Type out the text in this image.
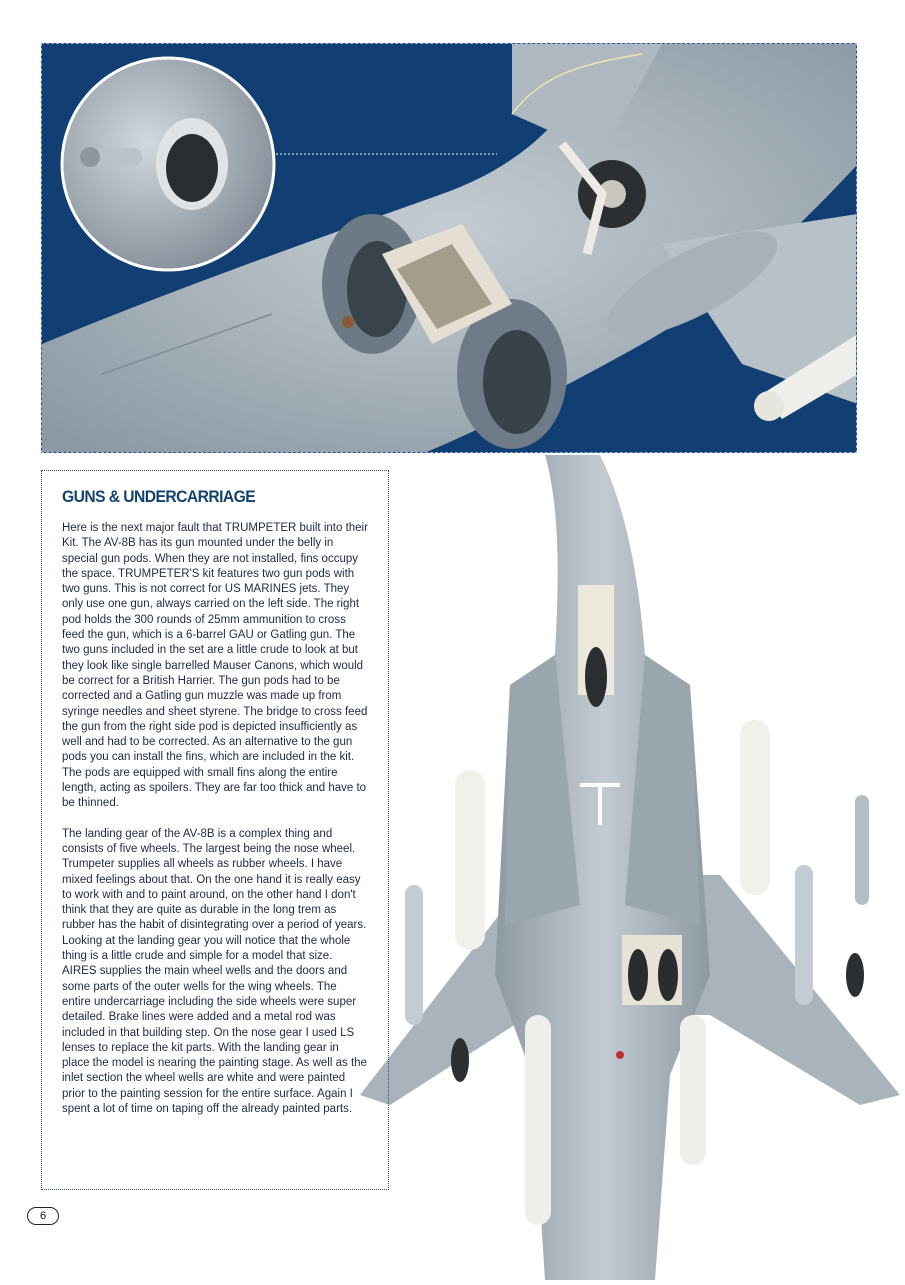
GUNS & UNDERCARRIAGE

Here is the next major fault that TRUMPETER built into their Kit. The AV-8B has its gun mounted under the belly in special gun pods. When they are not installed, fins occupy the space. TRUMPETER'S kit features two gun pods with two guns. This is not correct for US MARINES jets. They only use one gun, always carried on the left side. The right pod holds the 300 rounds of 25mm ammunition to cross feed the gun, which is a 6-barrel GAU or Gatling gun. The two guns included in the set are a little crude to look at but they look like single barrelled Mauser Canons, which would be correct for a British Harrier. The gun pods had to be corrected and a Gatling gun muzzle was made up from syringe needles and sheet styrene. The bridge to cross feed the gun from the right side pod is depicted insufficiently as well and had to be corrected. As an alternative to the gun pods you can install the fins, which are included in the kit. The pods are equipped with small fins along the entire length, acting as spoilers. They are far too thick and have to be thinned.

The landing gear of the AV-8B is a complex thing and consists of five wheels. The largest being the nose wheel. Trumpeter supplies all wheels as rubber wheels. I have mixed feelings about that. On the one hand it is really easy to work with and to paint around, on the other hand I don't think that they are quite as durable in the long trem as rubber has the habit of disintegrating over a period of years. Looking at the landing gear you will notice that the whole thing is a little crude and simple for a model that size. AIRES supplies the main wheel wells and the doors and some parts of the outer wells for the wing wheels. The entire undercarriage including the side wheels were super detailed. Brake lines were added and a metal rod was included in that building step. On the nose gear I used LS lenses to replace the kit parts. With the landing gear in place the model is nearing the painting stage. As well as the inlet section the wheel wells are white and were painted prior to the painting session for the entire surface. Again I spent a lot of time on taping off the already painted parts.

6
